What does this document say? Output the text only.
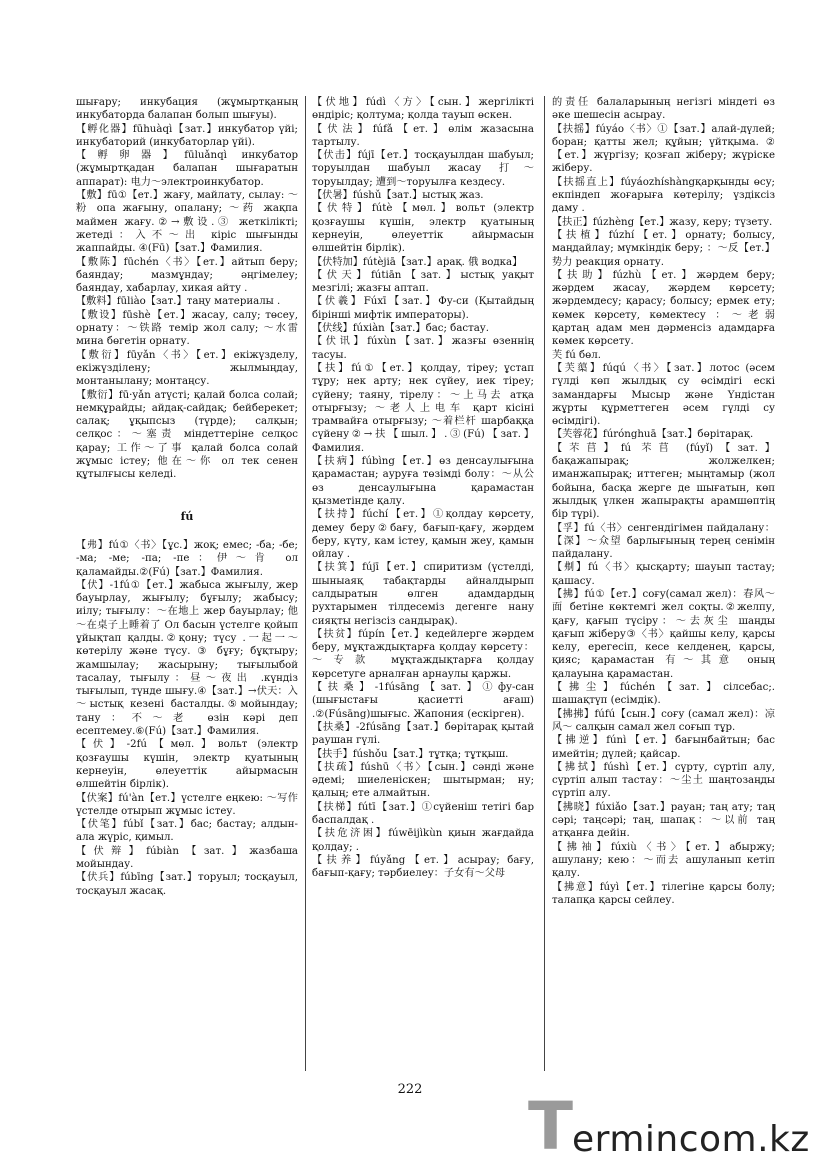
шығару; инкубация (жұмыртқаның инкубаторда балапан болып шығуы).

【孵化器】fūhuàqì【зат.】инкубатор үйі; инкубаторий (инкубаторлар үйі).

【孵卵器】fūluǎnqì инкубатор (жұмыртқадан балапан шығаратын аппарат): 电力～электроинкубатор.

【敷】fū①【ет.】жағу, майлату, сылау: ～粉 опа жағыну, опалану; ～药 жақпа маймен жағу.②→敷设.③ жеткілікті; жетеді：入不～出 кіріс шығынды жаппайды. ④(Fū)【зат.】Фамилия.

【敷陈】fūchén〈书〉【ет.】айтып беру; баяндау; мазмұндау; әңгімелеу; баяндау, хабарлау, хикая айту .

【敷料】fūliào【зат.】таңу материалы .

【敷设】fūshè【ет.】жасау, салу; төсеу, орнату：～铁路 темір жол салу; ～水雷 мина бөгетін орнату.

【敷衍】fūyǎn〈书〉【ет.】екіжүзделу, екіжүзділену; жылмыңдау, монтанылану; монтаңсу.

【敷衍】fū·yǎn атүсті; қалай болса солай; немқұрайды; айдақ-сайдақ; бейберекет; салақ; ұқыпсыз (түрде); салқын; селқос：～塞责 міндеттеріне селқос қарау; 工作～了事 қалай болса солай жұмыс істеу; 他在～你 ол тек сенен құтылғысы келеді.

fú

【弗】fú①〈书〉【ұс.】жоқ; емес; -ба; -бе; -ма; -ме; -па; -пе：伊～肯 ол қаламайды.②(Fú)【зат.】Фамилия.

【伏】-1fú①【ет.】жабыса жығылу, жер бауырлау, жығылу; бұғылу; жабысу; иілу; тығылу：～在地上 жер бауырлау; 他～在桌子上睡着了 Ол басын үстелге қойып ұйықтап қалды.②қону; түсу .一起一～ көтерілу және түсу. ③ бұғу; бұқтыру; жамшылау; жасырыну; тығылыбой тасалау, тығылу：昼～夜出 .күндіз тығылып, түнде шығу.④【зат.】→伏天：入～ыстық кезені басталды.⑤мойындау; тану：不～老 өзін кәрі деп есептемеу.⑥(Fú)【зат.】Фамилия.

【伏】-2fú【мөл.】вольт (электр қозғаушы күшін, электр қуатының кернеуін, өлеуеттік айырмасын өлшейтін бірлік).

【伏案】fú'àn【ет.】үстелге еңкею: ～写作 үстелде отырып жұмыс істеу.

【伏笔】fúbǐ【зат.】бас; бастау; алдын-ала жүріс, қимыл.

【伏辩】fúbiàn【зат.】жазбаша мойындау.

【伏兵】fúbīng【зат.】торуыл; тосқауыл, тосқауыл жасақ.

【伏地】fúdì〈方〉【сын.】жергілікті өндіріс; қолтума; қолда тауып өскен.

【伏法】fúfǎ【ет.】өлім жазасына тартылу.

【伏击】fújī【ет.】тосқауылдан шабуыл; торуылдан шабуыл жасау 打～торуылдау; 遭到～торуылға кездесу.

【伏暑】fúshǔ【зат.】ыстық жаз.

【伏特】fútè【мөл.】вольт (электр қозғаушы күшін, электр қуатының кернеуін, өлеуеттік айырмасын өлшейтін бірлік).

【伏特加】fútèjiā【зат.】арақ. 俄 водка】

【伏天】fútiān【зат.】ыстық уақыт мезгілі; жазғы аптап.

【伏羲】Fúxī【зат.】Фу-си (Қытайдың бірінші мифтік императоры).

【伏线】fúxiàn【зат.】бас; бастау.

【伏讯】fúxùn【зат.】жазғы өзеннің тасуы.

【扶】fú①【ет.】қолдау, тіреу; ұстап тұру; нек арту; нек сүйеу, иек тіреу; сүйену; таяну, тірелу：～上马去 атқа отырғызу; ～老人上电车 қарт кісіні трамвайға отырғызу; ～着栏杆 шарбаққа сүйену②→扶【шыл.】.③(Fú)【зат.】Фамилия.

【扶病】fúbìng【ет.】өз денсаулығына қарамастан; ауруға төзімді болу：～从公 өз денсаулығына қарамастан қызметінде қалу.

【扶持】fúchí【ет.】①қолдау көрсету, демеу беру②бағу, бағып-қағу, жәрдем беру, күту, кам істеу, қамын жеу, қамын ойлау .

【扶箕】fújī【ет.】спиритизм (үстелді, шыныаяқ табақтарды айналдырып салдыратын өлген адамдардың рухтарымен тілдесеміз дегенге нану сияқты негізсіз сандырақ).

【扶贫】fúpín【ет.】кедейлерге жәрдем беру, мұқтаждықтарға қолдау көрсету：～专款 мұқтаждықтарға қолдау көрсетуге арналған арнаулы қаржы.

【扶桑】-1fúsāng【зат.】①фу-сан (шығыстағы қасиетті ағаш) .②(Fúsāng)шығыс. Жапония (ескірген).

【扶桑】-2fúsāng【зат.】бөрітарақ қытай раушан гүлі.

【扶手】fúshǒu【зат.】тұтқа; тұтқыш.

【扶疏】fúshū〈书〉【сын.】сәнді және әдемі; шиеленіскен; шытырман; ну; қалың; ете алмайтын.

【扶梯】fútī【зат.】①сүйеніш тетігі бар баспалдақ .

【扶危济困】fúwēijìkùn қиын жағдайда қолдау; .

【扶养】fúyǎng【ет.】асырау; бағу, бағып-қағу; тәрбиелеу：子女有～父母

的责任 балаларының негізгі міндеті өз әке шешесін асырау.

【扶摇】fúyáo〈书〉①【зат.】алай-дүлей; боран; қатты жел; құйын; үйтқыма. ②【ет.】жүргізу; қозғап жіберу; жүріске жіберу.

【扶摇直上】fúyáozhíshàngқарқынды өсу; екпіндеп жоғарыға көтерілу; үздіксіз даму .

【扶正】fúzhèng【ет.】жазу, керу; түзету.

【扶植】fúzhí【ет.】орнату; болысу, маңдайлау; мүмкіндік беру; ：～反【ет.】势力 реакция орнату.

【扶助】fúzhù【ет.】жәрдем беру; жәрдем жасау, жәрдем көрсету; жәрдемдесу; қарасу; болысу; ермек ету; көмек көрсету, көмектесу ：～老弱 қартаң адам мен дәрменсіз адамдарға көмек көрсету.

芙 fú бөл.

【芙蕖】fúqú〈书〉【зат.】лотос (әсем гүлді көп жылдық су өсімдігі ескі замандарғы Мысыр және Үндістан жұрты құрметтеген әсем гүлді су өсімдігі).

【芙蓉花】fúrónghuā【зат.】бөрітарақ.

【芣苢】fú 芣苢 (fúyǐ)【зат.】бақажапырақ; жолжелкен; иманжапырақ; иттеген; мыңтамыр (жол бойына, басқа жерге де шығатын, көп жылдық үлкен жапырақты арамшөптің бір түрі).

【孚】fú〈书〉сенгендігімен пайдалану：【深】～众望 барлығының терең сенімін пайдалану.

【刜】fú〈书〉қысқарту; шауып тастау; қашасу.

【拂】fú①【ет.】соғу(самал жел)：春风～面 бетіне көктемгі жел соқты.②желпу, қағу, қағып түсіру：～去灰尘 шаңды қағып жіберу③〈书〉қайшы келу, қарсы келу, ерегесіп, кесе келденең, қарсы, қияс; қарамастан 有～其意 оның қалауына қарамастан.

【拂尘】fúchén【зат.】сілсебас;. шашақтүп (есімдік).

【拂拂】fúfú【сын.】соғу (самал жел)：凉风～ салқын самал жел соғып тұр.

【拂逆】fúnì【ет.】бағынбайтын; бас имейтін; дүлей; қайсар.

【拂拭】fúshì【ет.】сүрту, сүртіп алу, сүртіп алып тастау：～尘土 шаңтозаңды сүртіп алу.

【拂晓】fúxiǎo【зат.】рауан; таң ату; таң сәрі; таңсәрі; таң, шапақ：～以前 таң атқанға дейін.

【拂袖】fúxiù〈书〉【ет.】абыржу; ашулану; кею：～而去 ашуланып кетіп қалу.

【拂意】fúyì【ет.】тілегіне қарсы болу; талапқа қарсы сейлеу.

222 T
ermincom.kz
